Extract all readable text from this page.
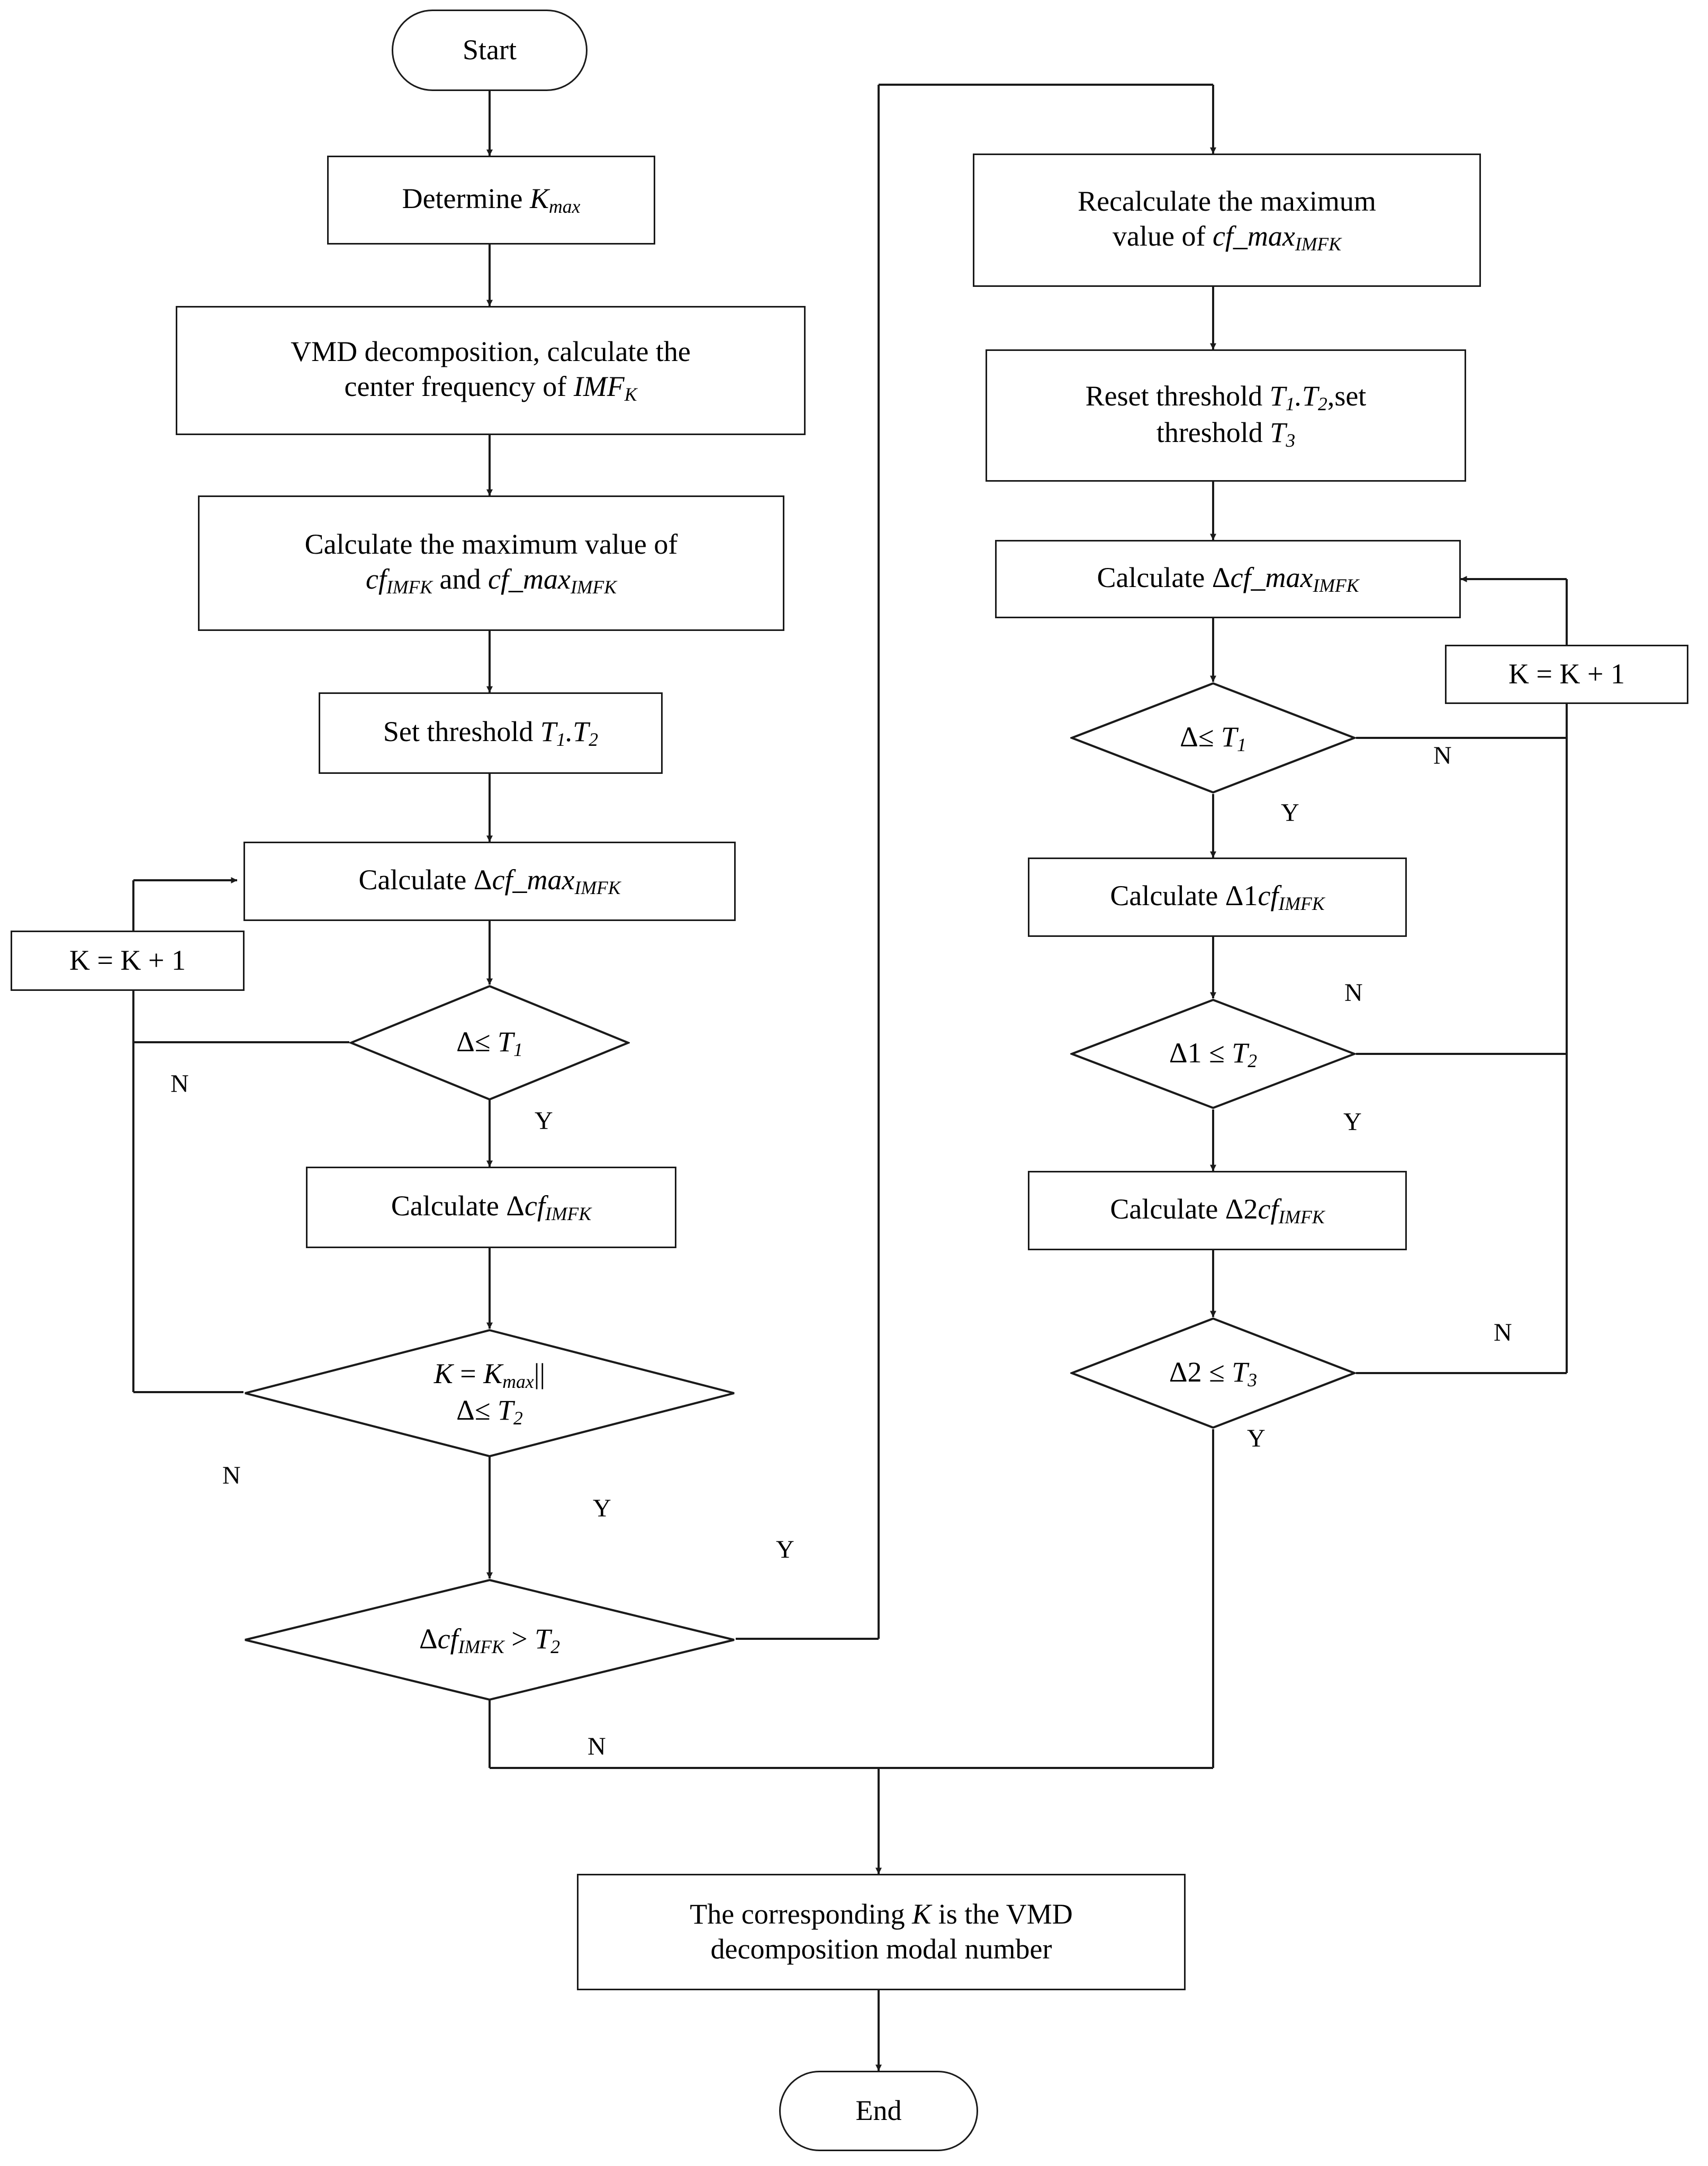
Start
Determine $K_{max}$
VMD decomposition, calculate the
center frequency of $IMF_K$
Calculate the maximum value of
$cf_{IMFK}$ and $cf\_\max_{IMFK}$
Set threshold $T_1.T_2$
Calculate $\Delta cf\_\max_{IMFK}$
K = K + 1
$\Delta\le T_1$
Calculate Δcf$_{IMFK}$
$K = K_{max}||$
$\Delta\le T_2$
$\Delta cf_{IMFK} > T_2$
Recalculate the maximum
value of $cf\_\max_{IMFK}$
Reset threshold $T_1.T_2,set$
threshold $T_3$
Calculate $\Delta cf\_\max_{IMFK}$
K = K + 1
$\Delta\le T_1$
Calculate $\Delta 1cf_{IMFK}$
$\Delta 1 \le T_2$
Calculate $\Delta 2cf_{IMFK}$
$\Delta 2 \le T_3$
The corresponding K is the VMD
decomposition modal number
End
N
Y
N
Y
Y
N
N
Y
N
Y
N
Y
